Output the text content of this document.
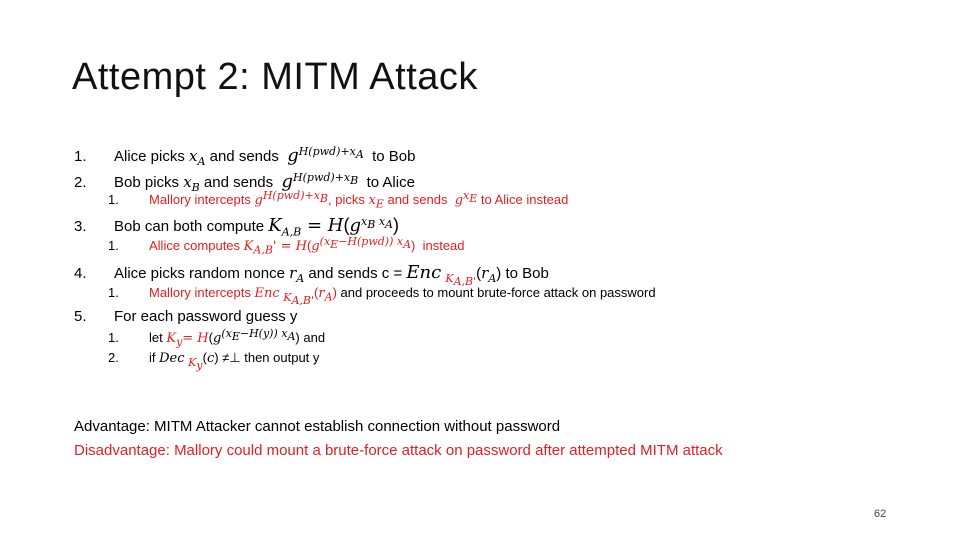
Attempt 2: MITM Attack
1.	Alice picks $x_A$ and sends  $g^{H(pwd)+x_A}$  to Bob
2.	Bob picks $x_B$ and sends  $g^{H(pwd)+x_B}$  to Alice
1.	Mallory intercepts $g^{H(pwd)+x_B}$, picks $x_E$ and sends  $g^{x_E}$ to Alice instead
3.	Bob can both compute $K_{A,B} = H(g^{x_B x_A})$
1.	Allice computes $K_{A,B}' = H(g^{(x_E-H(pwd)) x_A})$  instead
4.	Alice picks random nonce $r_A$ and sends c = Enc $_{K_{A,B'}}(r_A)$ to Bob
1.	Mallory intercepts Enc $_{K_{A,B'}}(r_A)$ and proceeds to mount brute-force attack on password
5.	For each password guess y
1.	let $K_y= H(g^{(x_E-H(y)) x_A})$ and
2.	if Dec $_{K_y}$(c) ≠⊥ then output y
Advantage: MITM Attacker cannot establish connection without password
Disadvantage: Mallory could mount a brute-force attack on password after attempted MITM attack
62
